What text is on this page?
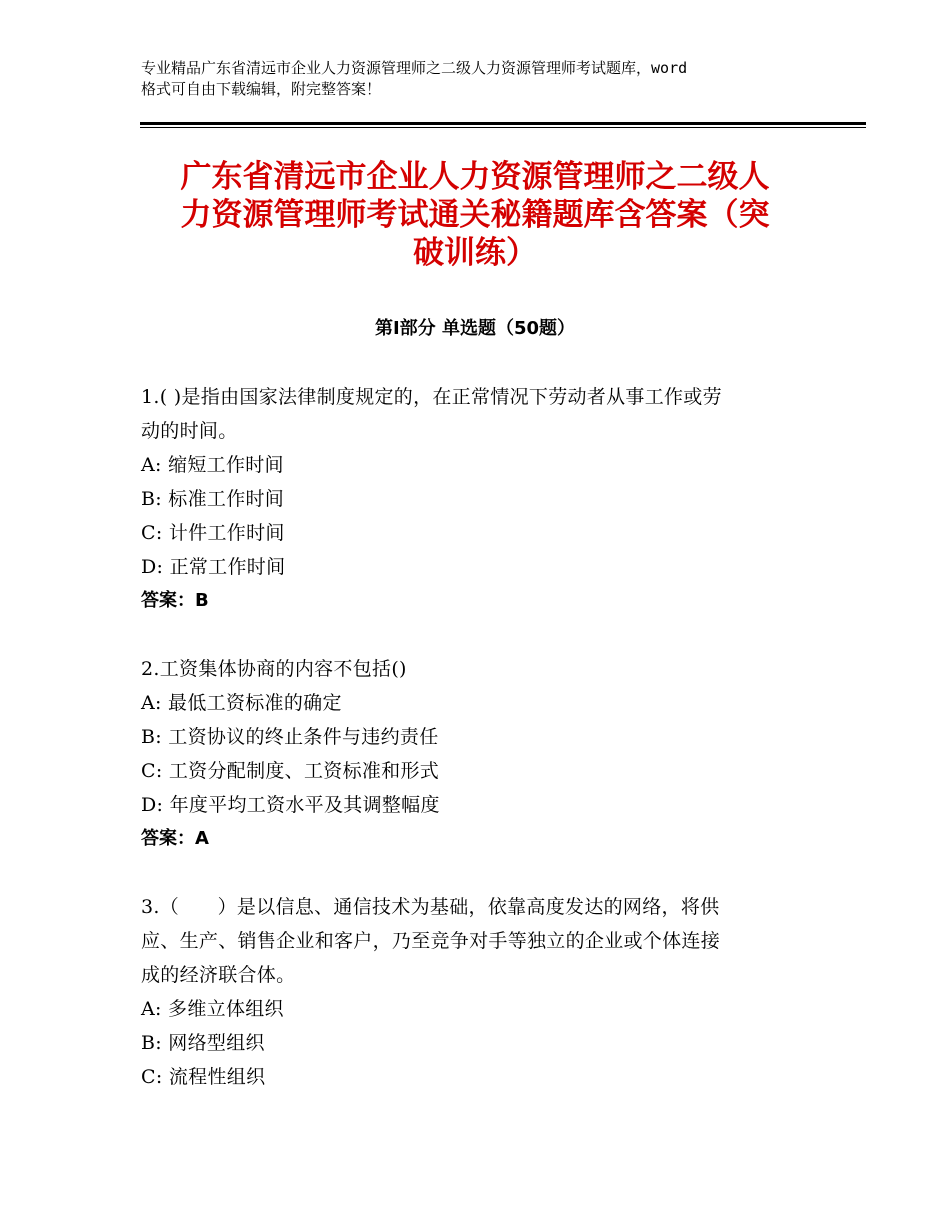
专业精品广东省清远市企业人力资源管理师之二级人力资源管理师考试题库，word
格式可自由下载编辑，附完整答案！
广东省清远市企业人力资源管理师之二级人
力资源管理师考试通关秘籍题库含答案（突
破训练）
第Ⅰ部分 单选题（50题）
1.( )是指由国家法律制度规定的，在正常情况下劳动者从事工作或劳
动的时间。
A: 缩短工作时间
B: 标准工作时间
C: 计件工作时间
D: 正常工作时间
答案：B
2.工资集体协商的内容不包括()
A: 最低工资标准的确定
B: 工资协议的终止条件与违约责任
C: 工资分配制度、工资标准和形式
D: 年度平均工资水平及其调整幅度
答案：A
3.（　　）是以信息、通信技术为基础，依靠高度发达的网络，将供
应、生产、销售企业和客户，乃至竞争对手等独立的企业或个体连接
成的经济联合体。
A: 多维立体组织
B: 网络型组织
C: 流程性组织
